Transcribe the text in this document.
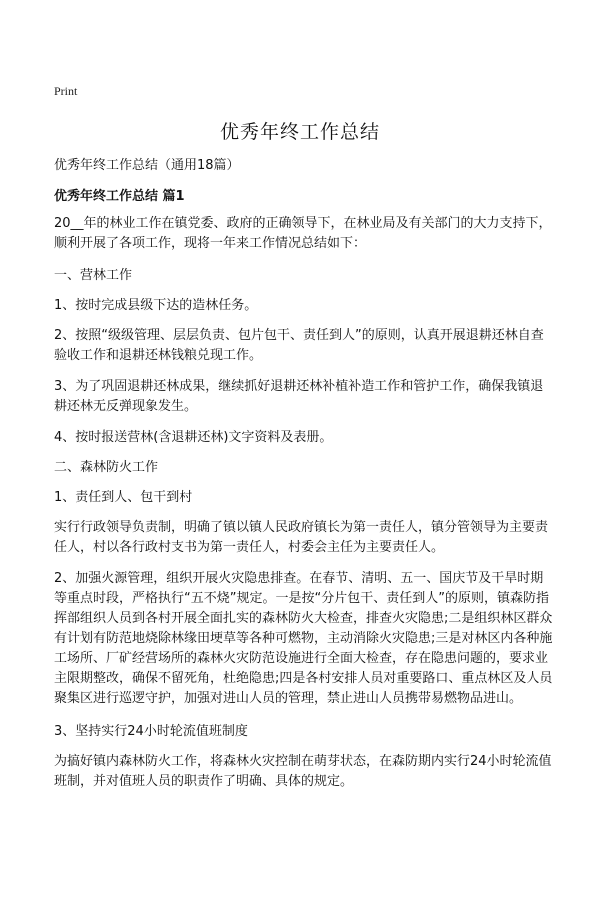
Print
优秀年终工作总结
优秀年终工作总结（通用18篇）
优秀年终工作总结 篇1

20__年的林业工作在镇党委、政府的正确领导下，在林业局及有关部门的大力支持下，顺利开展了各项工作，现将一年来工作情况总结如下：

一、营林工作

1、按时完成县级下达的造林任务。

2、按照“级级管理、层层负责、包片包干、责任到人”的原则，认真开展退耕还林自查验收工作和退耕还林钱粮兑现工作。

3、为了巩固退耕还林成果，继续抓好退耕还林补植补造工作和管护工作，确保我镇退耕还林无反弹现象发生。

4、按时报送营林(含退耕还林)文字资料及表册。

二、森林防火工作

1、责任到人、包干到村

实行行政领导负责制，明确了镇以镇人民政府镇长为第一责任人，镇分管领导为主要责任人，村以各行政村支书为第一责任人，村委会主任为主要责任人。

2、加强火源管理，组织开展火灾隐患排查。在春节、清明、五一、国庆节及干旱时期等重点时段，严格执行“五不烧”规定。一是按“分片包干、责任到人”的原则，镇森防指挥部组织人员到各村开展全面扎实的森林防火大检查，排查火灾隐患;二是组织林区群众有计划有防范地烧除林缘田埂草等各种可燃物，主动消除火灾隐患;三是对林区内各种施工场所、厂矿经营场所的森林火灾防范设施进行全面大检查，存在隐患问题的，要求业主限期整改，确保不留死角，杜绝隐患;四是各村安排人员对重要路口、重点林区及人员聚集区进行巡逻守护，加强对进山人员的管理，禁止进山人员携带易燃物品进山。

3、坚持实行24小时轮流值班制度

为搞好镇内森林防火工作，将森林火灾控制在萌芽状态，在森防期内实行24小时轮流值班制，并对值班人员的职责作了明确、具体的规定。
